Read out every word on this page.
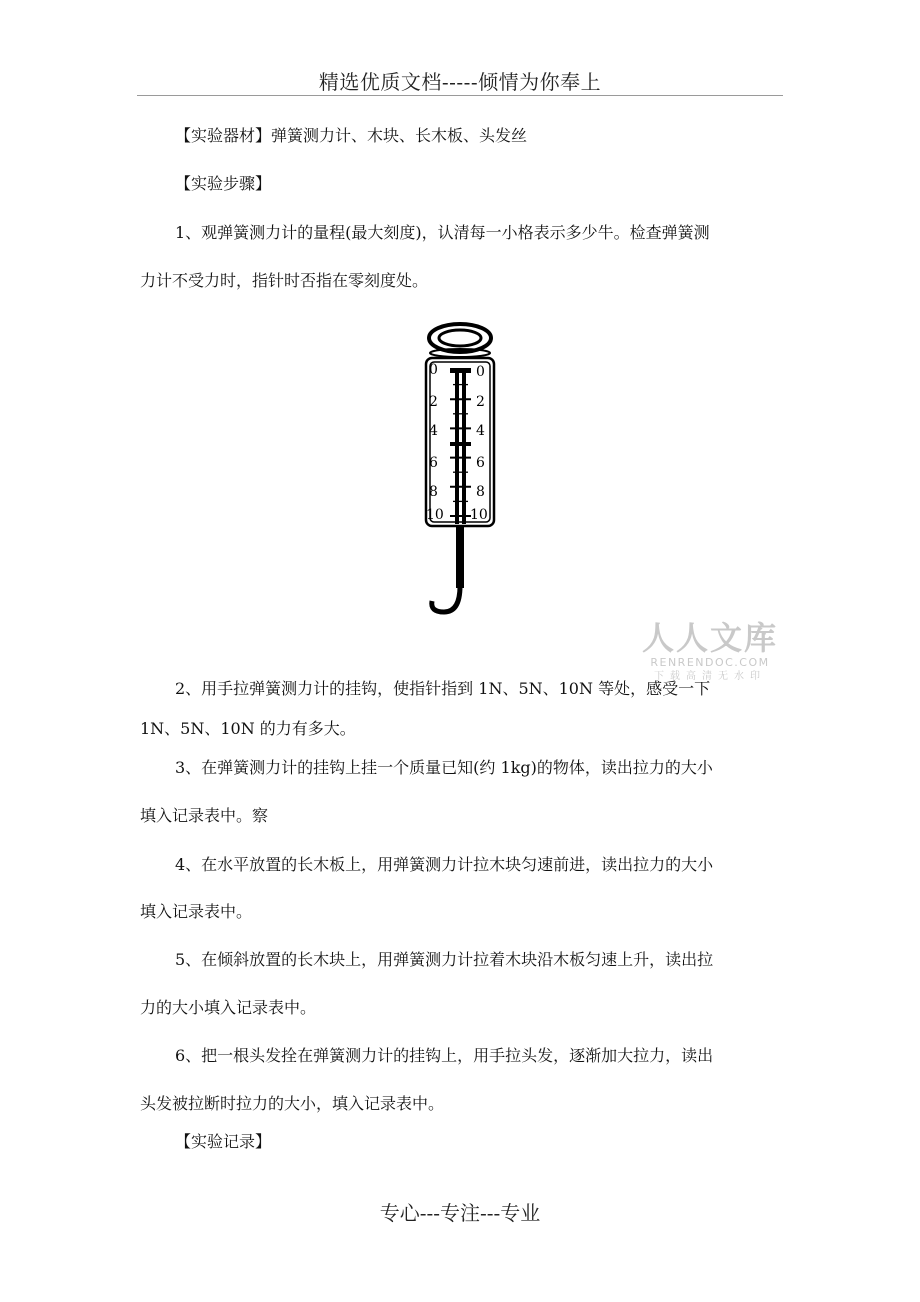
精选优质文档-----倾情为你奉上

【实验器材】弹簧测力计、木块、长木板、头发丝

【实验步骤】

1、观弹簧测力计的量程(最大刻度)，认清每一小格表示多少牛。检查弹簧测

力计不受力时，指针时否指在零刻度处。

0
2
4
6
8
10
0
2
4
6
8
10
人人文库
RENRENDOC.COM
下载高清无水印

2、用手拉弹簧测力计的挂钩，使指针指到 1N、5N、10N 等处，感受一下

1N、5N、10N 的力有多大。

3、在弹簧测力计的挂钩上挂一个质量已知(约 1kg)的物体，读出拉力的大小

填入记录表中。察

4、在水平放置的长木板上，用弹簧测力计拉木块匀速前进，读出拉力的大小

填入记录表中。

5、在倾斜放置的长木块上，用弹簧测力计拉着木块沿木板匀速上升，读出拉

力的大小填入记录表中。

6、把一根头发拴在弹簧测力计的挂钩上，用手拉头发，逐渐加大拉力，读出

头发被拉断时拉力的大小，填入记录表中。

【实验记录】

专心---专注---专业
